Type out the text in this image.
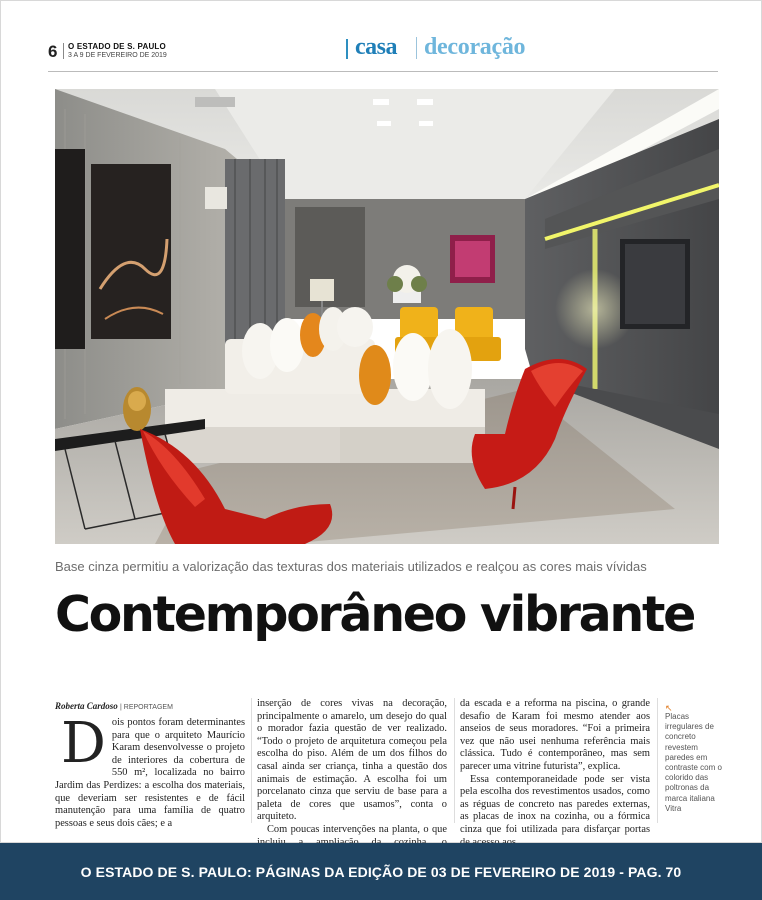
6 O ESTADO DE S. PAULO
3 A 9 DE FEVEREIRO DE 2019	casa decoração
Base cinza permitiu a valorização das texturas dos materiais utilizados e realçou as cores mais vívidas
Contemporâneo vibrante
Roberta Cardoso | REPORTAGEM
D ois pontos foram determinantes para que o arquiteto Maurício Karam desenvolvesse o projeto de interiores da cobertura de 550 m², localizada no bairro Jardim das Perdizes: a escolha dos materiais, que deveriam ser resistentes e de fácil manutenção para uma família de quatro pessoas e seus dois cães; e a

inserção de cores vivas na decoração, principalmente o amarelo, um desejo do qual o morador fazia questão de ver realizado. “Todo o projeto de arquitetura começou pela escolha do piso. Além de um dos filhos do casal ainda ser criança, tinha a questão dos animais de estimação. A escolha foi um porcelanato cinza que serviu de base para a paleta de cores que usamos”, conta o arquiteto.

Com poucas intervenções na planta, o que

da escada e a reforma na piscina, o grande desafio de Karam foi mesmo atender aos anseios de seus moradores. “Foi a primeira vez que não usei nenhuma referência mais clássica. Tudo é contemporâneo, mas sem parecer uma vitrine futurista”, explica.

Essa contemporaneidade pode ser vista pela escolha dos revestimentos usados, como as réguas de concreto nas paredes externas, as placas de inox na cozinha, ou a fórmica cinza que foi utilizada para disfarçar portas

↖
Placas irregulares de concreto revestem paredes em contraste com o colorido das poltronas da marca italiana Vitra
O ESTADO DE S. PAULO: PÁGINAS DA EDIÇÃO DE 03 DE FEVEREIRO DE 2019 - PAG. 70
